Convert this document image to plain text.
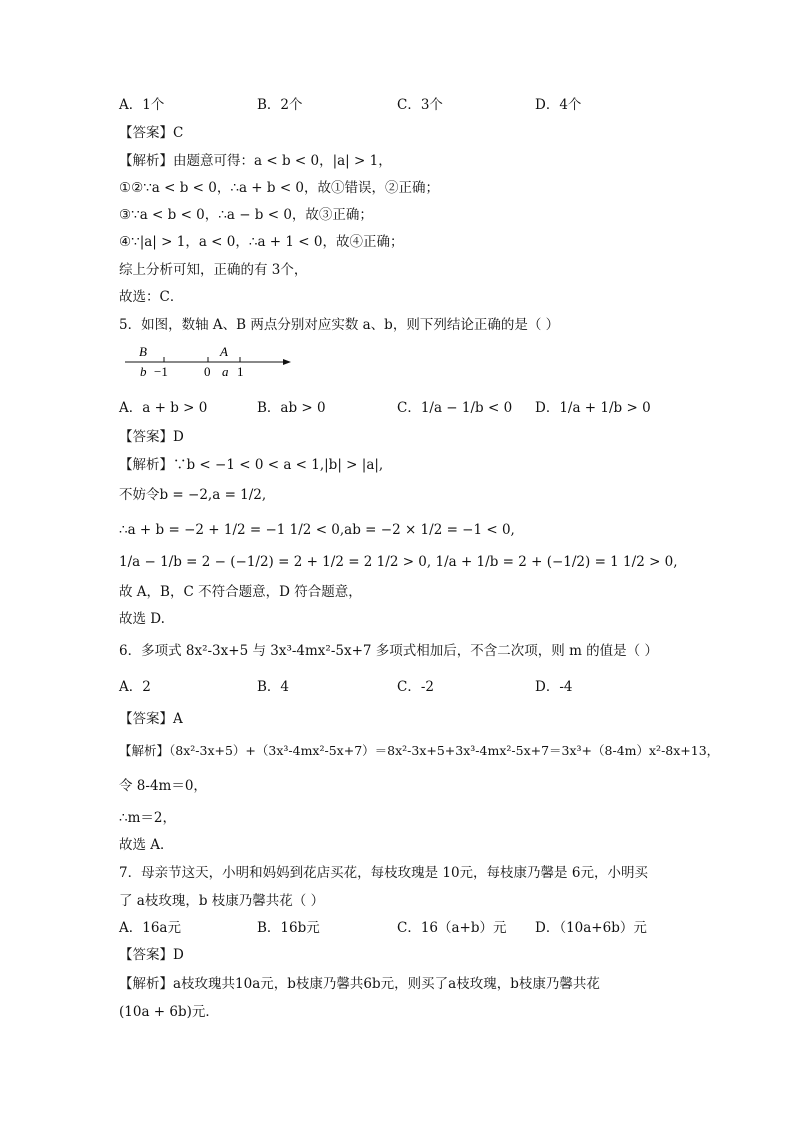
A．1个	B．2个	C．3个	D．4个
【答案】C
【解析】由题意可得：a < b < 0，|a| > 1，
①②∵a < b < 0，∴a + b < 0，故①错误，②正确；
③∵a < b < 0，∴a − b < 0，故③正确；
④∵|a| > 1，a < 0，∴a + 1 < 0，故④正确；
综上分析可知，正确的有 3个，
故选：C．
5．如图，数轴 A、B 两点分别对应实数 a、b，则下列结论正确的是（ ）
B	A
b −1	0 a 1
A．a + b > 0	B．ab > 0	C．1/a − 1/b < 0 D．1/a + 1/b > 0
【答案】D
【解析】∵b < −1 < 0 < a < 1,|b| > |a|,
不妨令b = −2,a = 1/2,
∴a + b = −2 + 1/2 = −1 1/2 < 0,ab = −2 × 1/2 = −1 < 0,
1/a − 1/b = 2 − (−1/2) = 2 + 1/2 = 2 1/2 > 0, 1/a + 1/b = 2 + (−1/2) = 1 1/2 > 0,
故 A，B，C 不符合题意，D 符合题意，
故选 D.
6．多项式 8x²-3x+5 与 3x³-4mx²-5x+7 多项式相加后，不含二次项，则 m 的值是（ ）
A．2	B．4	C．-2	D．-4
【答案】A
【解析】（8x²-3x+5）+（3x³-4mx²-5x+7）＝8x²-3x+5+3x³-4mx²-5x+7＝3x³+（8-4m）x²-8x+13，
令 8-4m＝0，
∴m＝2，
故选 A．
7．母亲节这天，小明和妈妈到花店买花，每枝玫瑰是 10元，每枝康乃馨是 6元，小明买
了 a枝玫瑰，b 枝康乃馨共花（ ）
A．16a元	B．16b元	C．16（a+b）元 D．（10a+6b）元
【答案】D
【解析】a枝玫瑰共10a元，b枝康乃馨共6b元，则买了a枝玫瑰，b枝康乃馨共花
(10a + 6b)元．
